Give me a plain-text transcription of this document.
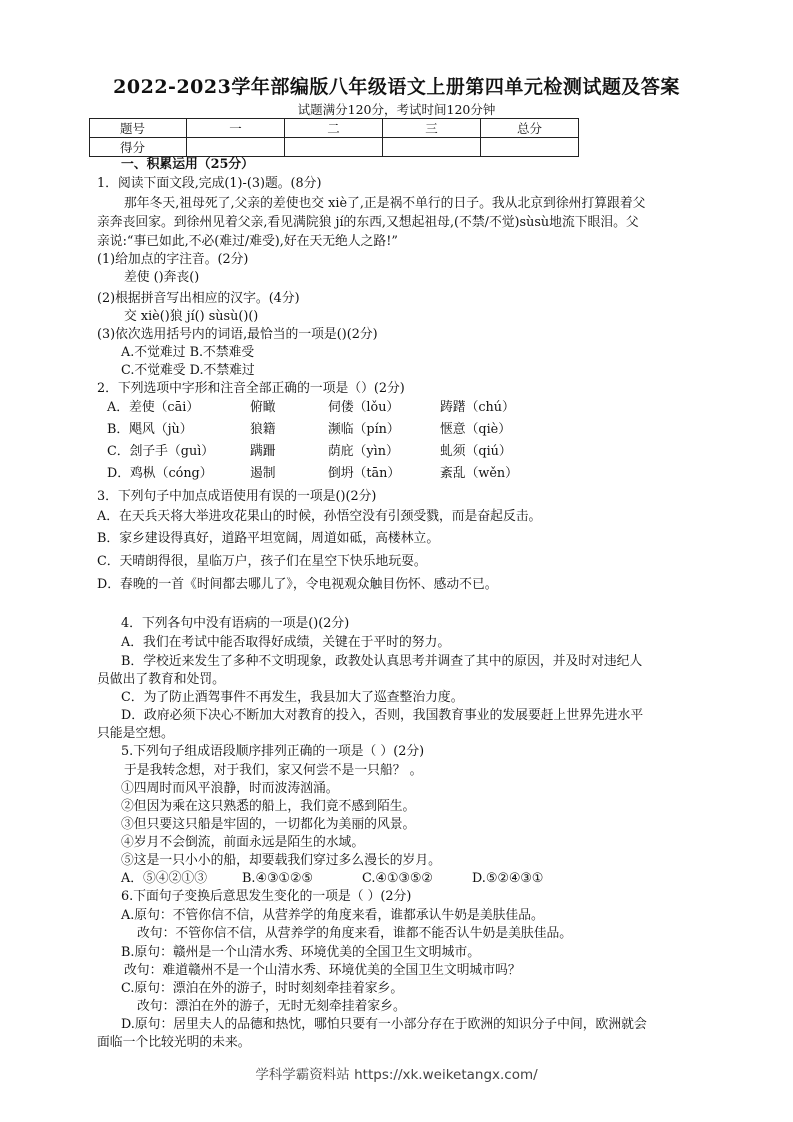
2022-2023学年部编版八年级语文上册第四单元检测试题及答案
试题满分120分，考试时间120分钟
题号	一	二	三	总分
得分				
一、积累运用（25分）
1．阅读下面文段,完成(1)-(3)题。(8分)
那年冬天,祖母死了,父亲的差使也交 xiè了,正是祸不单行的日子。我从北京到徐州打算跟着父
亲奔丧回家。到徐州见着父亲,看见满院狼 jí的东西,又想起祖母,(不禁/不觉)sùsù地流下眼泪。父
亲说:“事已如此,不必(难过/难受),好在天无绝人之路!”
(1)给加点的字注音。(2分)
差使 ()奔丧()
(2)根据拼音写出相应的汉字。(4分)
交 xiè()狼 jí() sùsù()()
(3)依次选用括号内的词语,最恰当的一项是()(2分)
A.不觉难过 B.不禁难受
C.不觉难受 D.不禁难过
2．下列选项中字形和注音全部正确的一项是（）(2分)
A．差使（cāi）	俯瞰	伺偻（lǒu）	踌躇（chú）
B．飓风（jù）	狼籍	濒临（pín）	惬意（qiè）
C．刽子手（guì）	蹒跚	荫庇（yìn）	虬须（qiú）
D．鸡枞（cóng）	遏制	倒坍（tān）	紊乱（wěn）
3．下列句子中加点成语使用有误的一项是()(2分)
A．在天兵天将大举进攻花果山的时候，孙悟空没有引颈受戮，而是奋起反击。
B．家乡建设得真好，道路平坦宽阔，周道如砥，高楼林立。
C．天晴朗得很，星临万户，孩子们在星空下快乐地玩耍。
D．春晚的一首《时间都去哪儿了》，令电视观众触目伤怀、感动不已。
4．下列各句中没有语病的一项是()(2分)
A．我们在考试中能否取得好成绩，关键在于平时的努力。
B．学校近来发生了多种不文明现象，政教处认真思考并调查了其中的原因，并及时对违纪人
员做出了教育和处罚。
C．为了防止酒驾事件不再发生，我县加大了巡查整治力度。
D．政府必须下决心不断加大对教育的投入，否则，我国教育事业的发展要赶上世界先进水平
只能是空想。
5.下列句子组成语段顺序排列正确的一项是（ ）(2分)
于是我转念想，对于我们，家又何尝不是一只船？ 。
①四周时而风平浪静，时而波涛汹涌。
②但因为乘在这只熟悉的船上，我们竟不感到陌生。
③但只要这只船是牢固的，一切都化为美丽的风景。
④岁月不会倒流，前面永远是陌生的水域。
⑤这是一只小小的船，却要载我们穿过多么漫长的岁月。
A．⑤④②①③	B.④③①②⑤	C.④①③⑤②	D.⑤②④③①
6.下面句子变换后意思发生变化的一项是（ ）(2分)
A.原句：不管你信不信，从营养学的角度来看，谁都承认牛奶是美肤佳品。
改句：不管你信不信，从营养学的角度来看，谁都不能否认牛奶是美肤佳品。
B.原句：赣州是一个山清水秀、环境优美的全国卫生文明城市。
改句：难道赣州不是一个山清水秀、环境优美的全国卫生文明城市吗？
C.原句：漂泊在外的游子，时时刻刻牵挂着家乡。
改句：漂泊在外的游子，无时无刻牵挂着家乡。
D.原句：居里夫人的品德和热忱，哪怕只要有一小部分存在于欧洲的知识分子中间，欧洲就会
面临一个比较光明的未来。
学科学霸资料站 https://xk.weiketangx.com/
